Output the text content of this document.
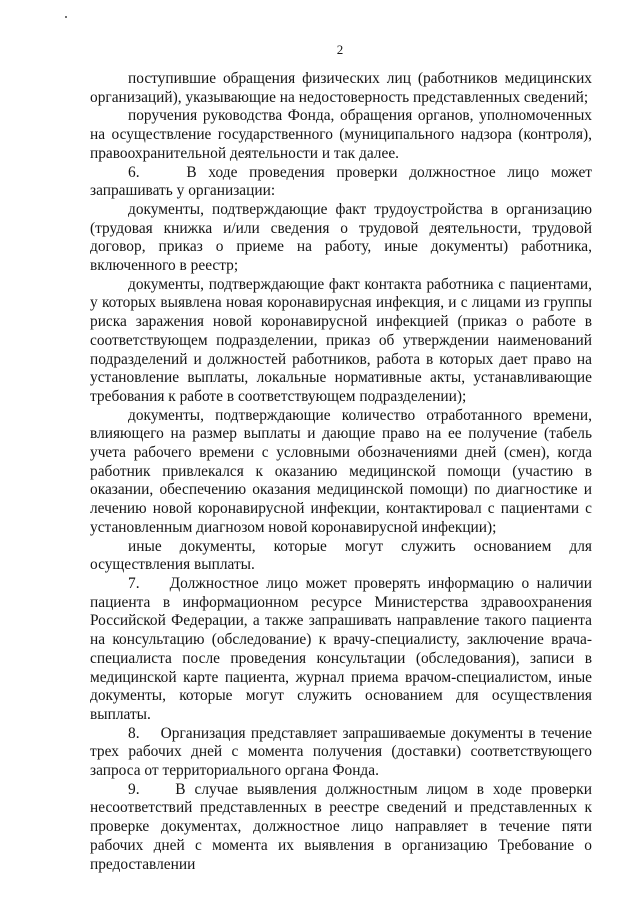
2

поступившие обращения физических лиц (работников медицинских организаций), указывающие на недостоверность представленных сведений;

поручения руководства Фонда, обращения органов, уполномоченных на осуществление государственного (муниципального надзора (контроля), правоохранительной деятельности и так далее.

6.    В ходе проведения проверки должностное лицо может запрашивать у организации:

документы, подтверждающие факт трудоустройства в организацию (трудовая книжка и/или сведения о трудовой деятельности, трудовой договор, приказ о приеме на работу, иные документы) работника, включенного в реестр;

документы, подтверждающие факт контакта работника с пациентами, у которых выявлена новая коронавирусная инфекция, и с лицами из группы риска заражения новой коронавирусной инфекцией (приказ о работе в соответствующем подразделении, приказ об утверждении наименований подразделений и должностей работников, работа в которых дает право на установление выплаты, локальные нормативные акты, устанавливающие требования к работе в соответствующем подразделении);

документы, подтверждающие количество отработанного времени, влияющего на размер выплаты и дающие право на ее получение (табель учета рабочего времени с условными обозначениями дней (смен), когда работник привлекался к оказанию медицинской помощи (участию в оказании, обеспечению оказания медицинской помощи) по диагностике и лечению новой коронавирусной инфекции, контактировал с пациентами с установленным диагнозом новой коронавирусной инфекции);

иные документы, которые могут служить основанием для осуществления выплаты.

7.    Должностное лицо может проверять информацию о наличии пациента в информационном ресурсе Министерства здравоохранения Российской Федерации, а также запрашивать направление такого пациента на консультацию (обследование) к врачу-специалисту, заключение врача-специалиста после проведения консультации (обследования), записи в медицинской карте пациента, журнал приема врачом-специалистом, иные документы, которые могут служить основанием для осуществления выплаты.

8.    Организация представляет запрашиваемые документы в течение трех рабочих дней с момента получения (доставки) соответствующего запроса от территориального органа Фонда.

9.    В случае выявления должностным лицом в ходе проверки несоответствий представленных в реестре сведений и представленных к проверке документах, должностное лицо направляет в течение пяти рабочих дней с момента их выявления в организацию Требование о предоставлении
